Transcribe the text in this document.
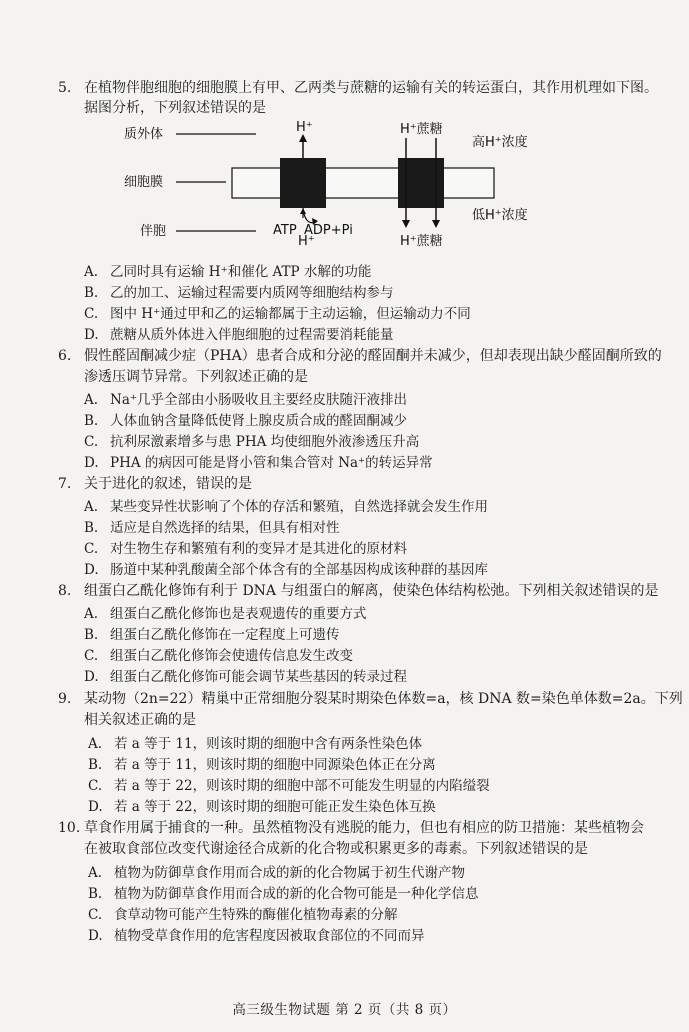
5. 在植物伴胞细胞的细胞膜上有甲、乙两类与蔗糖的运输有关的转运蛋白，其作用机理如下图。
据图分析，下列叙述错误的是
质外体
细胞膜
伴胞
H⁺
ATP ADP+Pi
H⁺
H⁺蔗糖
H⁺蔗糖
高H⁺浓度
低H⁺浓度
A. 乙同时具有运输 H⁺和催化 ATP 水解的功能
B. 乙的加工、运输过程需要内质网等细胞结构参与
C. 图中 H⁺通过甲和乙的运输都属于主动运输，但运输动力不同
D. 蔗糖从质外体进入伴胞细胞的过程需要消耗能量
6. 假性醛固酮减少症（PHA）患者合成和分泌的醛固酮并未减少，但却表现出缺少醛固酮所致的
渗透压调节异常。下列叙述正确的是
A. Na⁺几乎全部由小肠吸收且主要经皮肤随汗液排出
B. 人体血钠含量降低使肾上腺皮质合成的醛固酮减少
C. 抗利尿激素增多与患 PHA 均使细胞外液渗透压升高
D. PHA 的病因可能是肾小管和集合管对 Na⁺的转运异常
7. 关于进化的叙述，错误的是
A. 某些变异性状影响了个体的存活和繁殖，自然选择就会发生作用
B. 适应是自然选择的结果，但具有相对性
C. 对生物生存和繁殖有利的变异才是其进化的原材料
D. 肠道中某种乳酸菌全部个体含有的全部基因构成该种群的基因库
8. 组蛋白乙酰化修饰有利于 DNA 与组蛋白的解离，使染色体结构松弛。下列相关叙述错误的是
A. 组蛋白乙酰化修饰也是表观遗传的重要方式
B. 组蛋白乙酰化修饰在一定程度上可遗传
C. 组蛋白乙酰化修饰会使遗传信息发生改变
D. 组蛋白乙酰化修饰可能会调节某些基因的转录过程
9. 某动物（2n=22）精巢中正常细胞分裂某时期染色体数=a，核 DNA 数=染色单体数=2a。下列
相关叙述正确的是
A. 若 a 等于 11，则该时期的细胞中含有两条性染色体
B. 若 a 等于 11，则该时期的细胞中同源染色体正在分离
C. 若 a 等于 22，则该时期的细胞中部不可能发生明显的内陷缢裂
D. 若 a 等于 22，则该时期的细胞可能正发生染色体互换
10. 草食作用属于捕食的一种。虽然植物没有逃脱的能力，但也有相应的防卫措施：某些植物会
在被取食部位改变代谢途径合成新的化合物或积累更多的毒素。下列叙述错误的是
A. 植物为防御草食作用而合成的新的化合物属于初生代谢产物
B. 植物为防御草食作用而合成的新的化合物可能是一种化学信息
C. 食草动物可能产生特殊的酶催化植物毒素的分解
D. 植物受草食作用的危害程度因被取食部位的不同而异
高三级生物试题 第 2 页（共 8 页）
